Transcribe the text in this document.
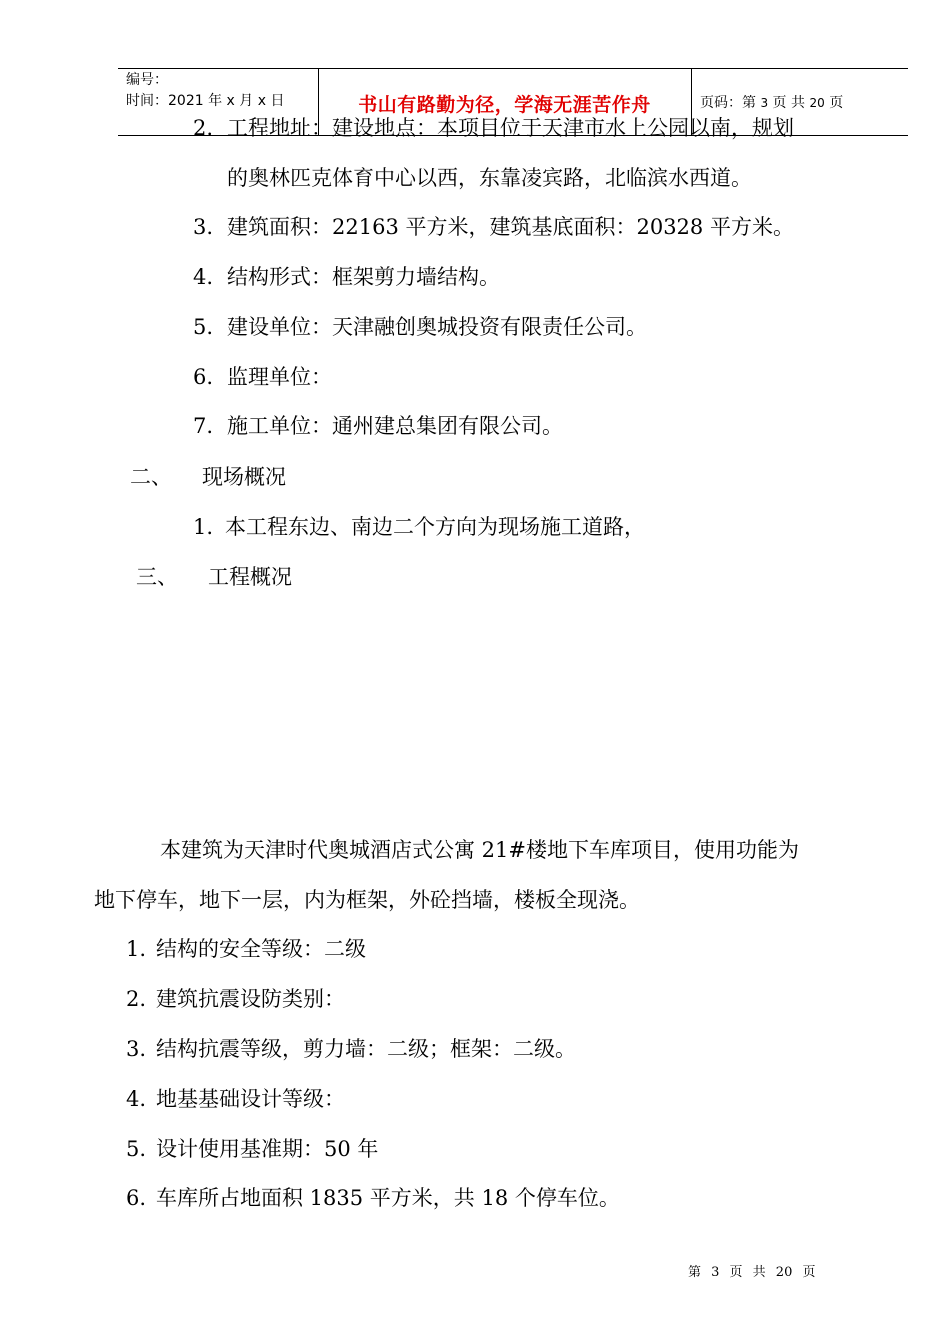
编号：
时间：2021 年 x 月 x 日	书山有路勤为径，学海无涯苦作舟	页码：第 3 页 共 20 页
2. 工程地址：建设地点：本项目位于天津市水上公园以南，规划
的奥林匹克体育中心以西，东靠凌宾路，北临滨水西道。
3. 建筑面积：22163 平方米，建筑基底面积：20328 平方米。
4. 结构形式：框架剪力墙结构。
5. 建设单位：天津融创奥城投资有限责任公司。
6. 监理单位：
7. 施工单位：通州建总集团有限公司。
二、 现场概况
1. 本工程东边、南边二个方向为现场施工道路，
三、 工程概况
本建筑为天津时代奥城酒店式公寓 21#楼地下车库项目，使用功能为
地下停车，地下一层，内为框架，外砼挡墙，楼板全现浇。
1. 结构的安全等级：二级
2. 建筑抗震设防类别：
3. 结构抗震等级，剪力墙：二级；框架：二级。
4. 地基基础设计等级：
5. 设计使用基准期：50 年
6. 车库所占地面积 1835 平方米，共 18 个停车位。
第 3 页 共 20 页
